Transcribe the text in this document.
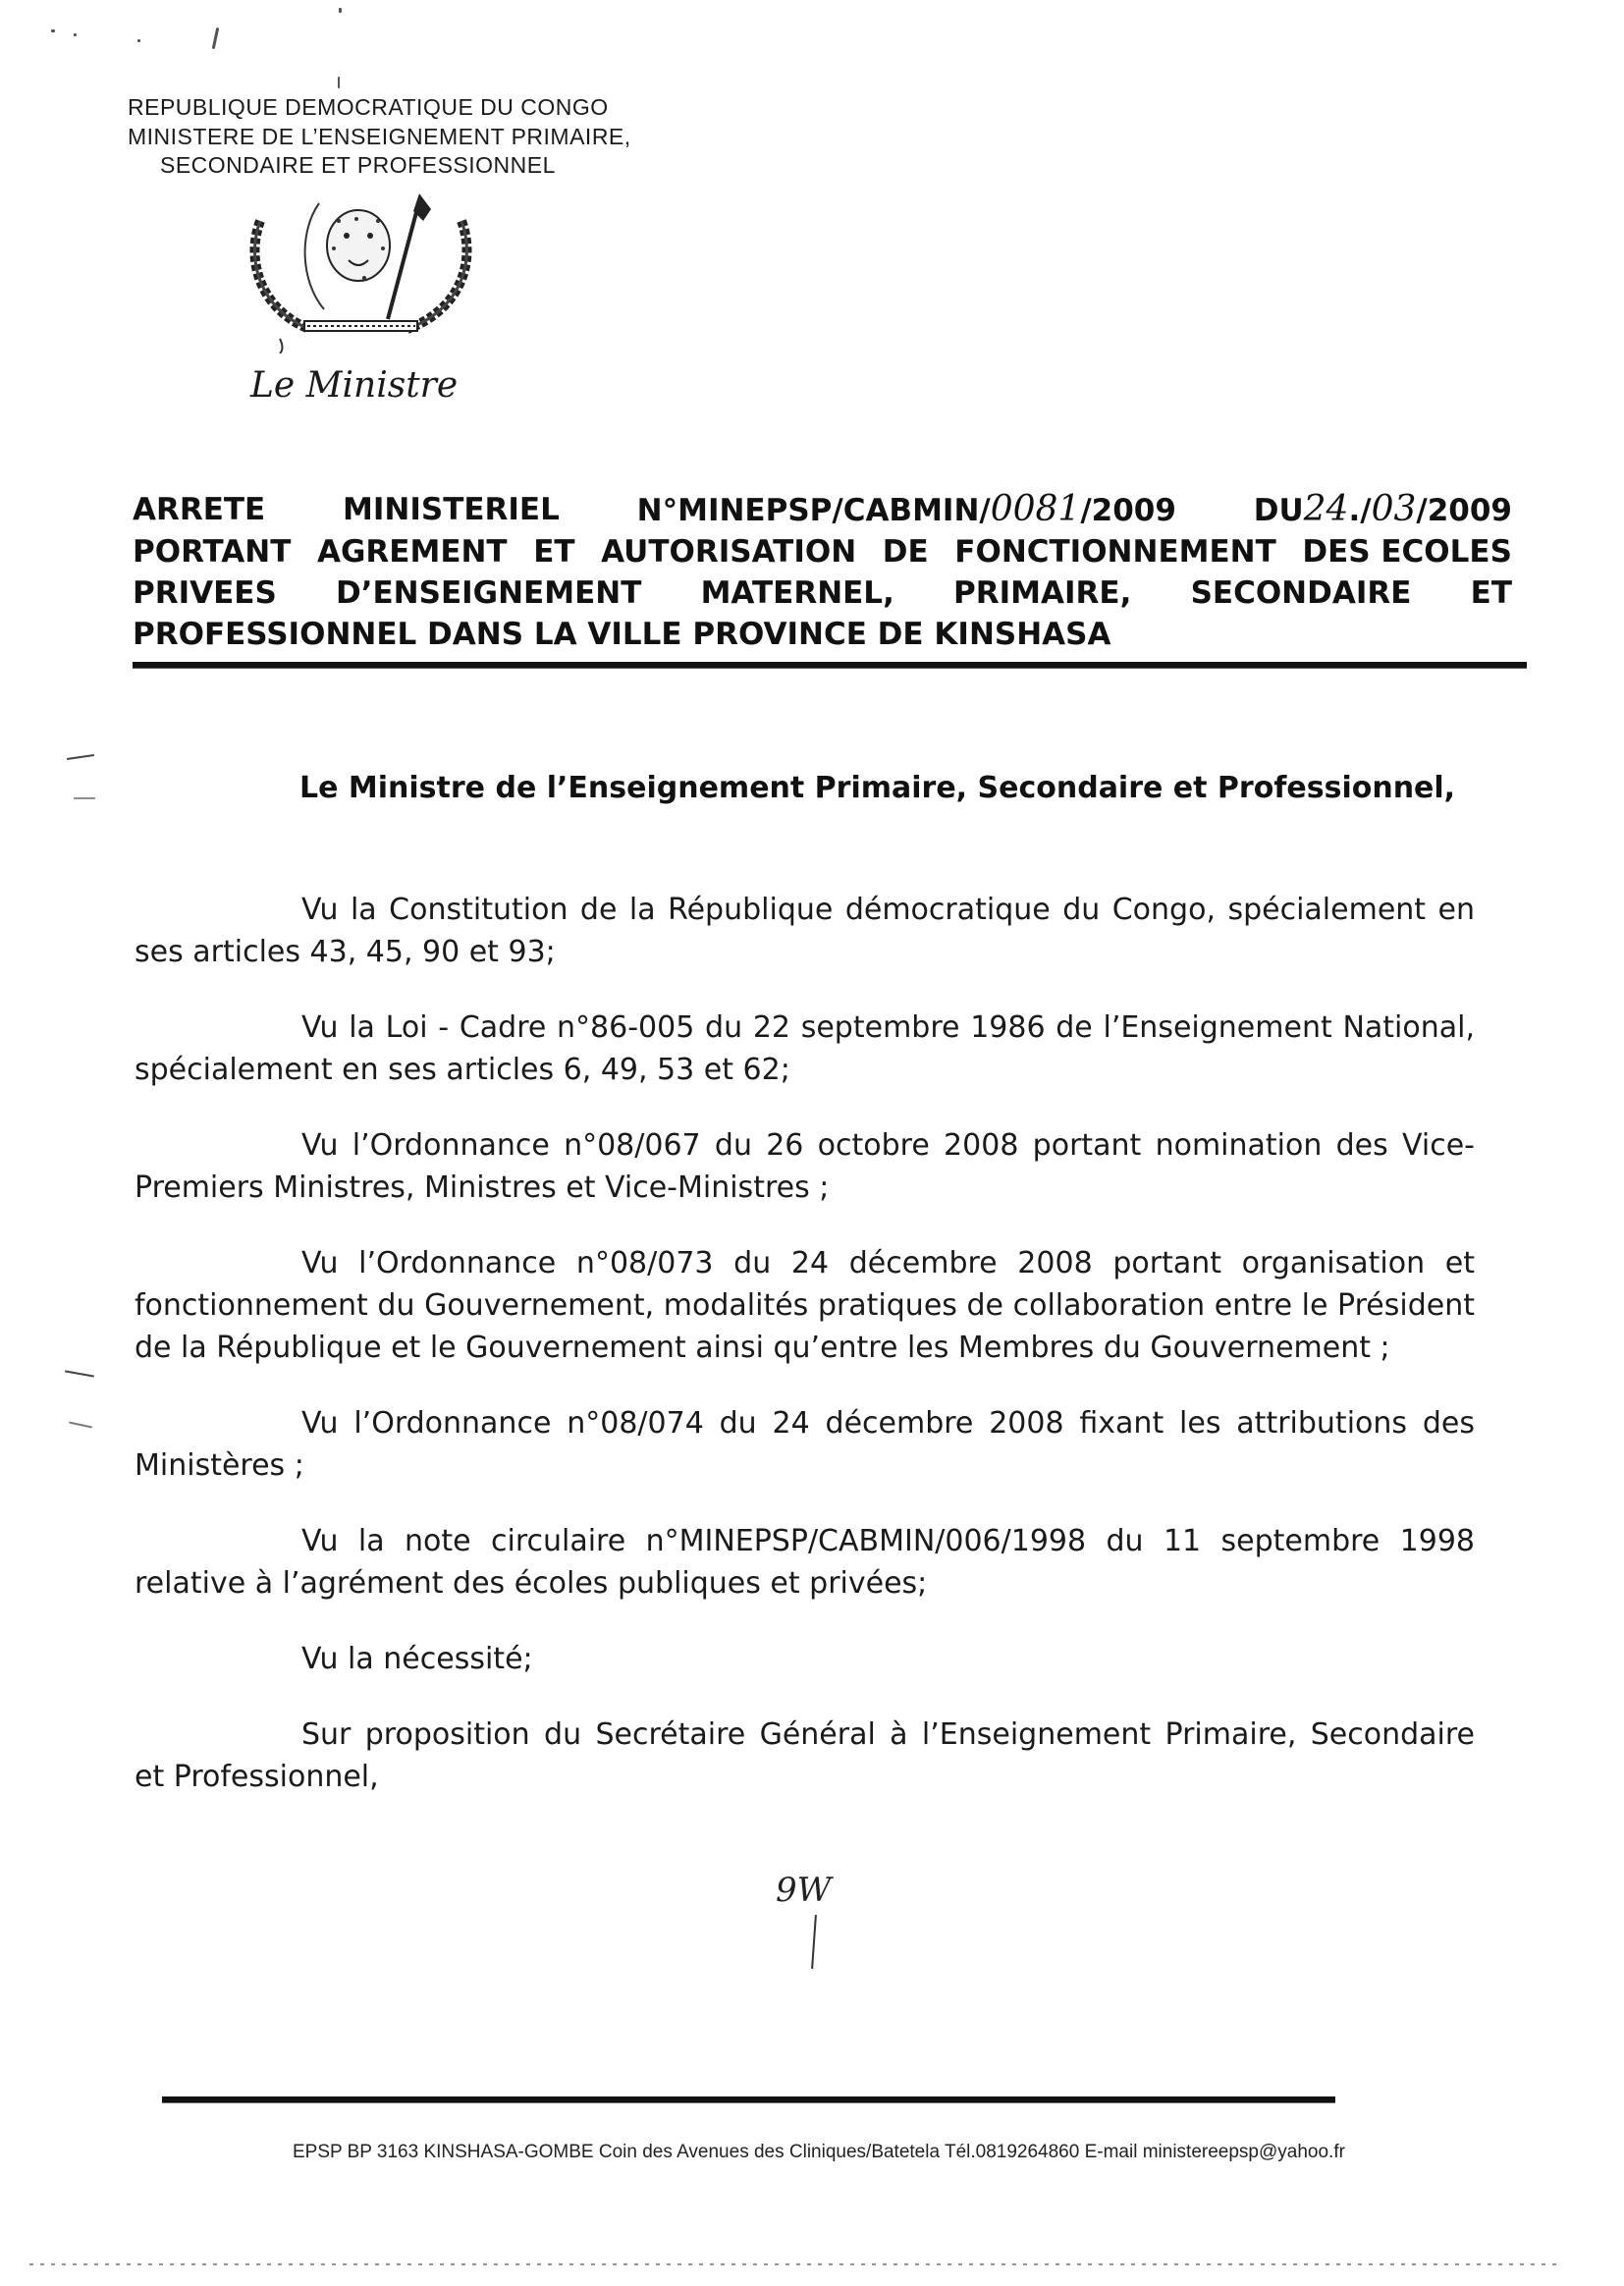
REPUBLIQUE DEMOCRATIQUE DU CONGO
MINISTERE DE L’ENSEIGNEMENT PRIMAIRE,
SECONDAIRE ET PROFESSIONNEL
Le Ministre
ARRETE	MINISTERIEL	N°MINEPSP/CABMIN/0081/2009	DU24./03/2009
PORTANT AGREMENT ET AUTORISATION DE FONCTIONNEMENT DES ECOLES
PRIVEES D’ENSEIGNEMENT MATERNEL, PRIMAIRE, SECONDAIRE ET
PROFESSIONNEL DANS LA VILLE PROVINCE DE KINSHASA
Le Ministre de l’Enseignement Primaire, Secondaire et Professionnel,

Vu la Constitution de la République démocratique du Congo, spécialement en ses articles 43, 45, 90 et 93;

Vu la Loi - Cadre n°86-005 du 22 septembre 1986 de l’Enseignement National, spécialement en ses articles 6, 49, 53 et 62;

Vu l’Ordonnance n°08/067 du 26 octobre 2008 portant nomination des Vice-Premiers Ministres, Ministres et Vice-Ministres ;

Vu l’Ordonnance n°08/073 du 24 décembre 2008 portant organisation et fonctionnement du Gouvernement, modalités pratiques de collaboration entre le Président de la République et le Gouvernement ainsi qu’entre les Membres du Gouvernement ;

Vu l’Ordonnance n°08/074 du 24 décembre 2008 fixant les attributions des Ministères ;

Vu la note circulaire n°MINEPSP/CABMIN/006/1998 du 11 septembre 1998 relative à l’agrément des écoles publiques et privées;

Vu la nécessité;

Sur proposition du Secrétaire Général à l’Enseignement Primaire, Secondaire et Professionnel,

9W
EPSP BP 3163 KINSHASA-GOMBE Coin des Avenues des Cliniques/Batetela Tél.0819264860 E-mail ministereepsp@yahoo.fr
